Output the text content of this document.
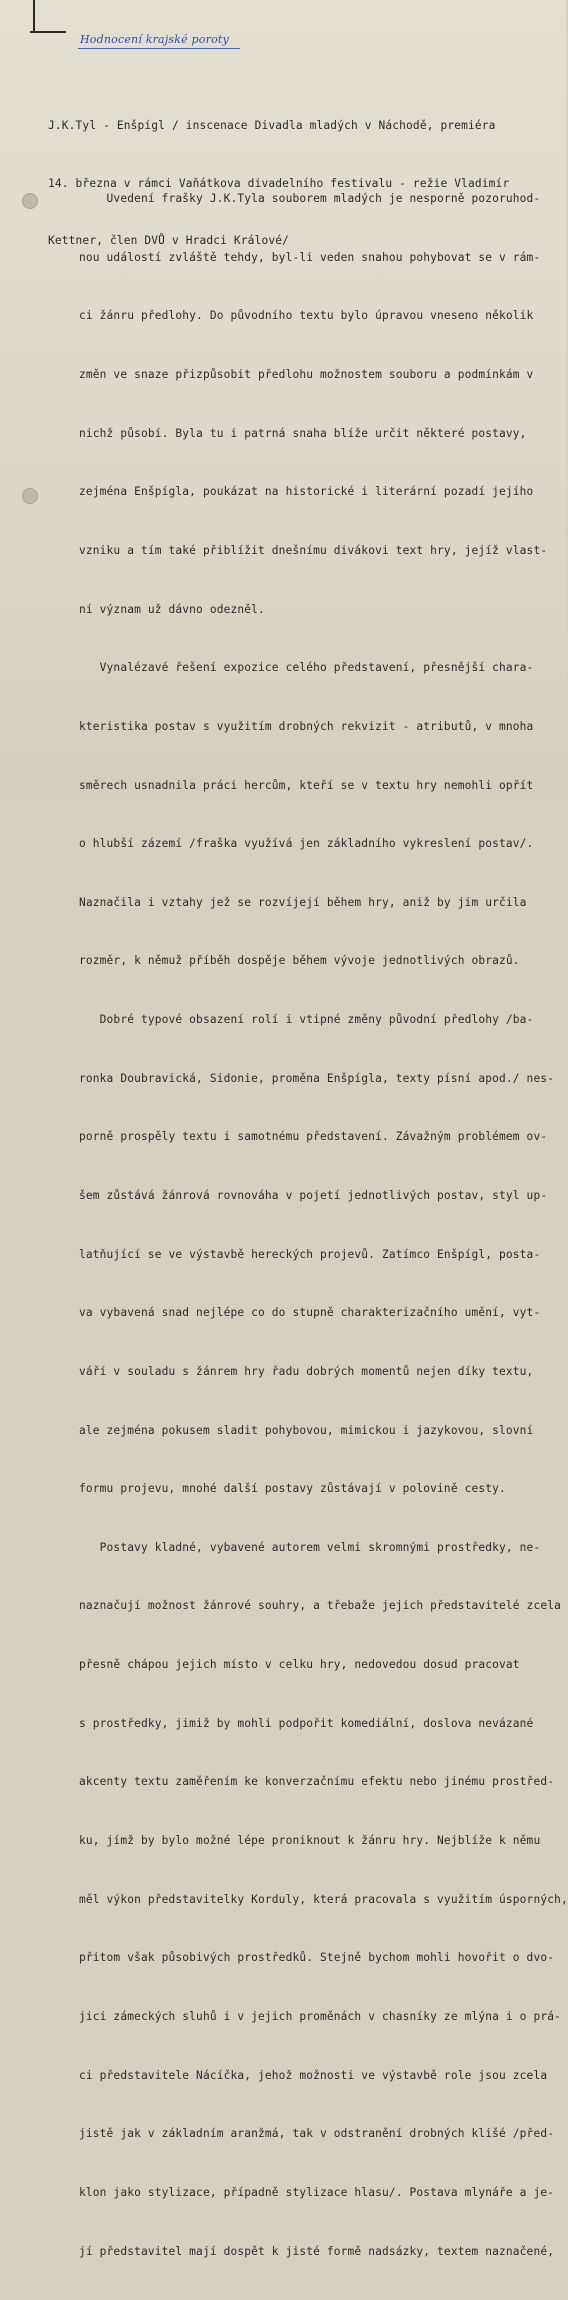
Hodnocení krajské poroty

J.K.Tyl - Enšpígl / inscenace Divadla mladých v Náchodě, premiéra

14. března v rámci Vaňátkova divadelního festivalu - režie Vladimír

Kettner, člen DVŮ v Hradci Králové/

Uvedení frašky J.K.Tyla souborem mladých je nesporně pozoruhod-

nou událostí zvláště tehdy, byl-li veden snahou pohybovat se v rám-

ci žánru předlohy. Do původního textu bylo úpravou vneseno několik

změn ve snaze přizpůsobit předlohu možnostem souboru a podmínkám v

nichž působí. Byla tu i patrná snaha blíže určit některé postavy,

zejména Enšpígla, poukázat na historické i literární pozadí jejího

vzniku a tím také přiblížit dnešnímu divákovi text hry, jejíž vlast-

ní význam už dávno odezněl.

Vynalézavé řešení expozice celého představení, přesnější chara-

kteristika postav s využitím drobných rekvizit - atributů, v mnoha

směrech usnadnila práci hercům, kteří se v textu hry nemohli opřít

o hlubší zázemí /fraška využívá jen základního vykreslení postav/.

Naznačila i vztahy jež se rozvíjejí během hry, aniž by jim určila

rozměr, k němuž příběh dospěje během vývoje jednotlivých obrazů.

Dobré typové obsazení rolí i vtipné změny původní předlohy /ba-

ronka Doubravická, Sidonie, proměna Enšpígla, texty písní apod./ nes-

porně prospěly textu i samotnému představení. Závažným problémem ov-

šem zůstává žánrová rovnováha v pojetí jednotlivých postav, styl up-

latňující se ve výstavbě hereckých projevů. Zatímco Enšpígl, posta-

va vybavená snad nejlépe co do stupně charakterizačního umění, vyt-

váří v souladu s žánrem hry řadu dobrých momentů nejen díky textu,

ale zejména pokusem sladit pohybovou, mimickou i jazykovou, slovní

formu projevu, mnohé další postavy zůstávají v polovině cesty.

Postavy kladné, vybavené autorem velmi skromnými prostředky, ne-

naznačují možnost žánrové souhry, a třebaže jejich představitelé zcela

přesně chápou jejich místo v celku hry, nedovedou dosud pracovat

s prostředky, jimiž by mohli podpořit komediální, doslova nevázané

akcenty textu zaměřením ke konverzačnímu efektu nebo jinému prostřed-

ku, jímž by bylo možné lépe proniknout k žánru hry. Nejblíže k němu

měl výkon představitelky Korduly, která pracovala s využitím úsporných,

přitom však působivých prostředků. Stejně bychom mohli hovořit o dvo-

jici zámeckých sluhů i v jejich proměnách v chasníky ze mlýna i o prá-

ci představitele Nácíčka, jehož možnosti ve výstavbě role jsou zcela

jistě jak v základním aranžmá, tak v odstranění drobných klišé /před-

klon jako stylizace, případně stylizace hlasu/. Postava mlynáře a je-

jí představitel mají dospět k jisté formě nadsázky, textem naznačené,
